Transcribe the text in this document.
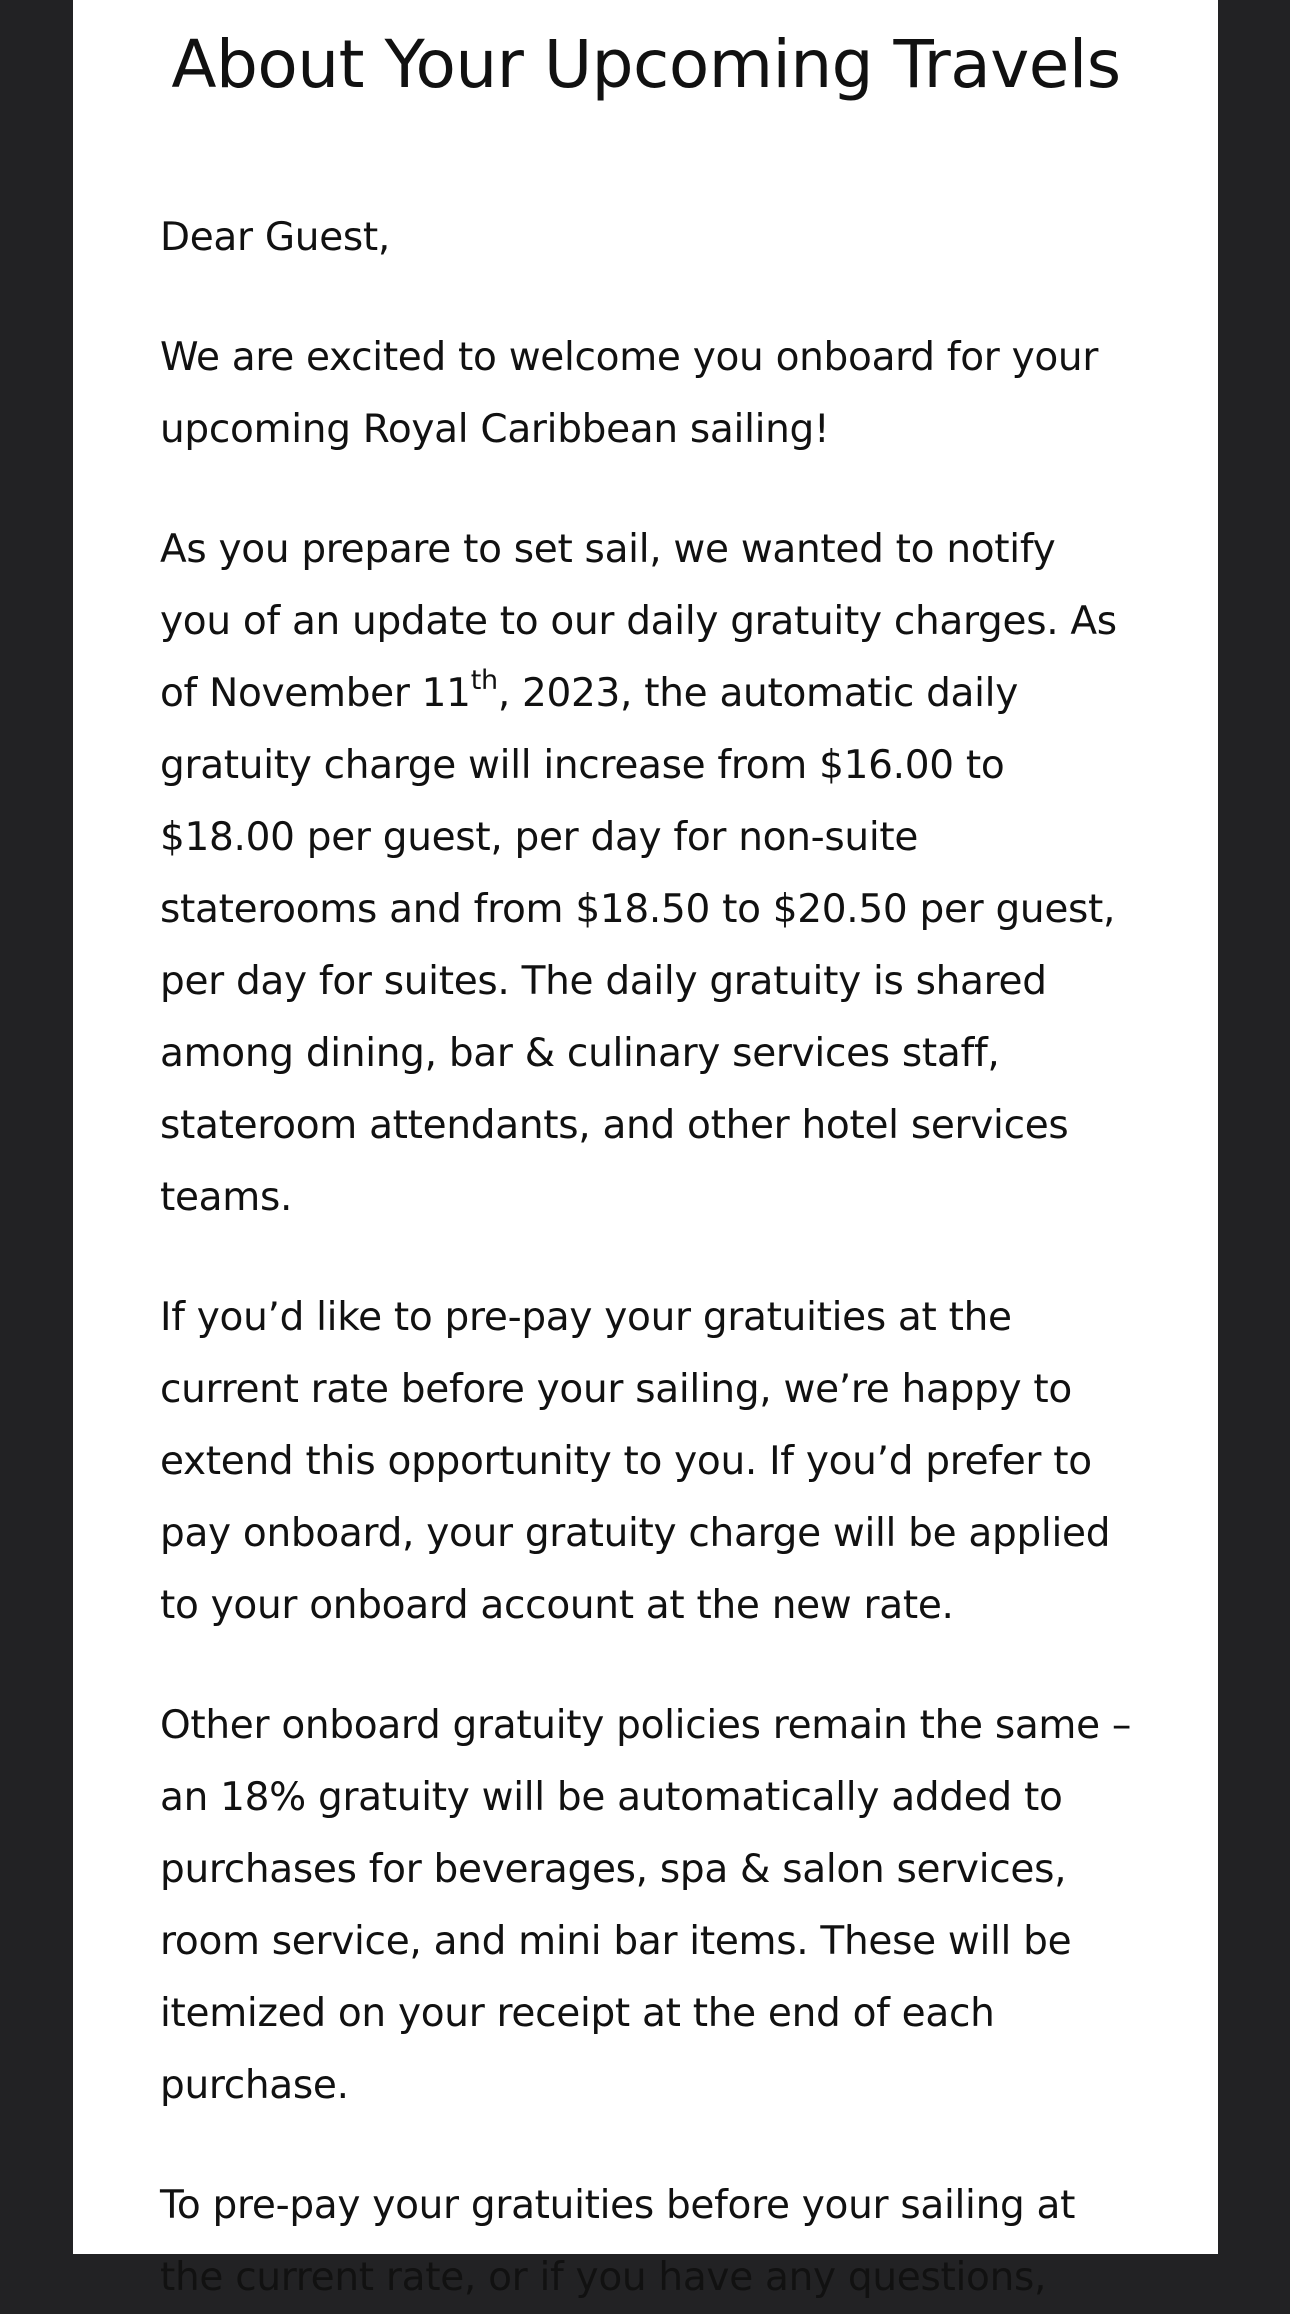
About Your Upcoming Travels

Dear Guest,

We are excited to welcome you onboard for your upcoming Royal Caribbean sailing!

As you prepare to set sail, we wanted to notify you of an update to our daily gratuity charges. As of November 11th, 2023, the automatic daily gratuity charge will increase from $16.00 to $18.00 per guest, per day for non-suite staterooms and from $18.50 to $20.50 per guest, per day for suites. The daily gratuity is shared among dining, bar & culinary services staff, stateroom attendants, and other hotel services teams.

If you’d like to pre-pay your gratuities at the current rate before your sailing, we’re happy to extend this opportunity to you. If you’d prefer to pay onboard, your gratuity charge will be applied to your onboard account at the new rate.

Other onboard gratuity policies remain the same – an 18% gratuity will be automatically added to purchases for beverages, spa & salon services, room service, and mini bar items. These will be itemized on your receipt at the end of each purchase.

To pre-pay your gratuities before your sailing at the current rate, or if you have any questions,
